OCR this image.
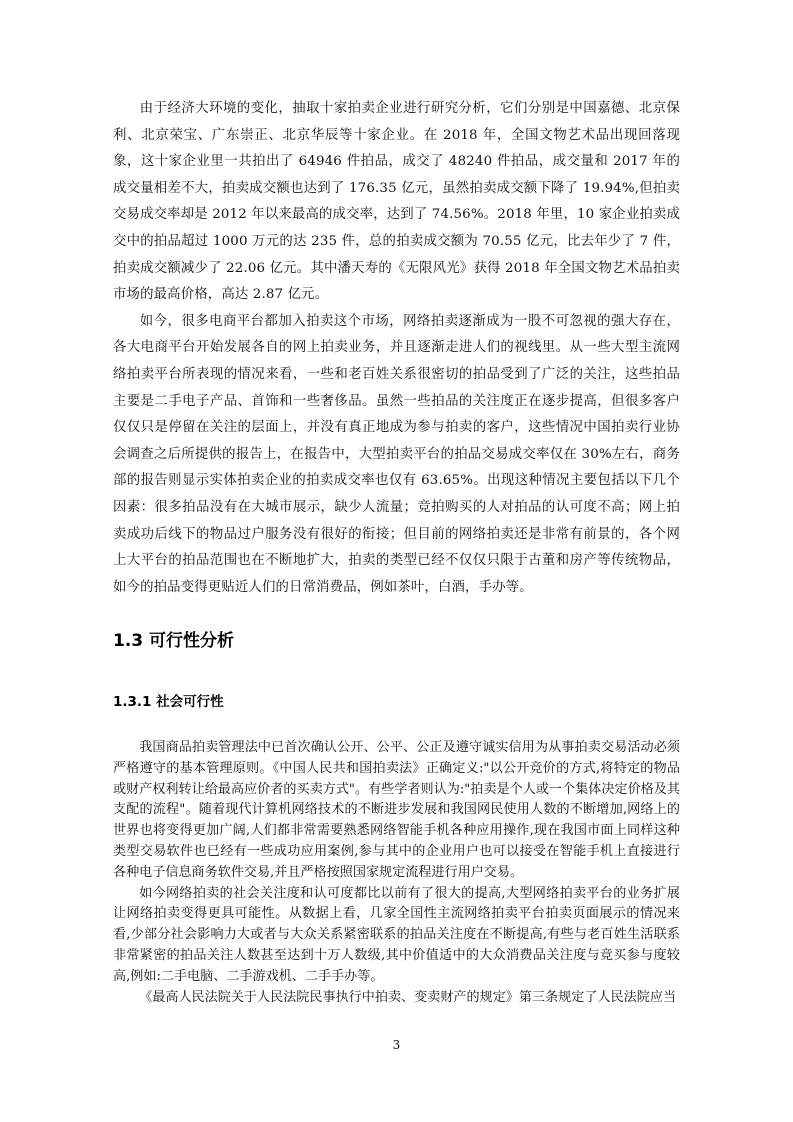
由于经济大环境的变化，抽取十家拍卖企业进行研究分析，它们分别是中国嘉德、北京保利、北京荣宝、广东崇正、北京华辰等十家企业。在 2018 年，全国文物艺术品出现回落现象，这十家企业里一共拍出了 64946 件拍品，成交了 48240 件拍品，成交量和 2017 年的成交量相差不大，拍卖成交额也达到了 176.35 亿元，虽然拍卖成交额下降了 19.94%,但拍卖交易成交率却是 2012 年以来最高的成交率，达到了 74.56%。2018 年里，10 家企业拍卖成交中的拍品超过 1000 万元的达 235 件，总的拍卖成交额为 70.55 亿元，比去年少了 7 件，拍卖成交额减少了 22.06 亿元。其中潘天寿的《无限风光》获得 2018 年全国文物艺术品拍卖市场的最高价格，高达 2.87 亿元。

如今，很多电商平台都加入拍卖这个市场，网络拍卖逐渐成为一股不可忽视的强大存在，各大电商平台开始发展各自的网上拍卖业务，并且逐渐走进人们的视线里。从一些大型主流网络拍卖平台所表现的情况来看，一些和老百姓关系很密切的拍品受到了广泛的关注，这些拍品主要是二手电子产品、首饰和一些奢侈品。虽然一些拍品的关注度正在逐步提高，但很多客户仅仅只是停留在关注的层面上，并没有真正地成为参与拍卖的客户，这些情况中国拍卖行业协会调查之后所提供的报告上，在报告中，大型拍卖平台的拍品交易成交率仅在 30%左右，商务部的报告则显示实体拍卖企业的拍卖成交率也仅有 63.65%。出现这种情况主要包括以下几个因素：很多拍品没有在大城市展示，缺少人流量；竞拍购买的人对拍品的认可度不高；网上拍卖成功后线下的物品过户服务没有很好的衔接；但目前的网络拍卖还是非常有前景的，各个网上大平台的拍品范围也在不断地扩大，拍卖的类型已经不仅仅只限于古董和房产等传统物品，如今的拍品变得更贴近人们的日常消费品，例如茶叶，白酒，手办等。

1.3 可行性分析
1.3.1 社会可行性

我国商品拍卖管理法中已首次确认公开、公平、公正及遵守诚实信用为从事拍卖交易活动必须严格遵守的基本管理原则。《中国人民共和国拍卖法》正确定义:"以公开竞价的方式,将特定的物品或财产权利转让给最高应价者的买卖方式"。有些学者则认为:"拍卖是个人或一个集体决定价格及其支配的流程"。随着现代计算机网络技术的不断进步发展和我国网民使用人数的不断增加,网络上的世界也将变得更加广阔,人们都非常需要熟悉网络智能手机各种应用操作,现在我国市面上同样这种类型交易软件也已经有一些成功应用案例,参与其中的企业用户也可以接受在智能手机上直接进行各种电子信息商务软件交易,并且严格按照国家规定流程进行用户交易。

如今网络拍卖的社会关注度和认可度都比以前有了很大的提高,大型网络拍卖平台的业务扩展让网络拍卖变得更具可能性。从数据上看，几家全国性主流网络拍卖平台拍卖页面展示的情况来看,少部分社会影响力大或者与大众关系紧密联系的拍品关注度在不断提高,有些与老百姓生活联系非常紧密的拍品关注人数甚至达到十万人数级,其中价值适中的大众消费品关注度与竞买参与度较高,例如:二手电脑、二手游戏机、二手手办等。

《最高人民法院关于人民法院民事执行中拍卖、变卖财产的规定》第三条规定了人民法院应当

3
